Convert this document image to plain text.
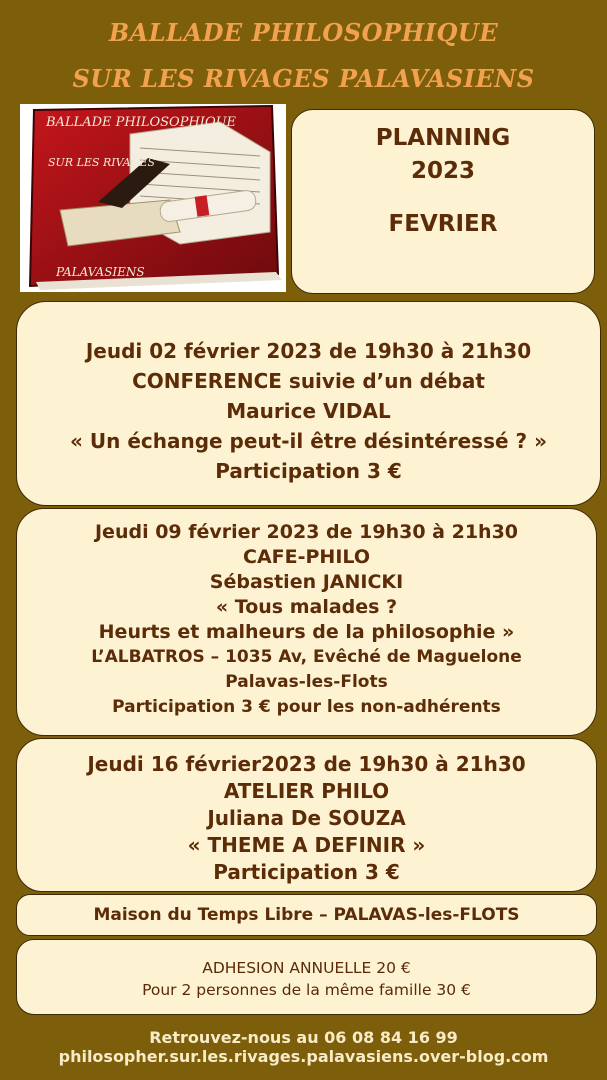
BALLADE PHILOSOPHIQUE
SUR LES RIVAGES PALAVASIENS
BALLADE PHILOSOPHIQUE
SUR LES RIVAGES
PALAVASIENS
PLANNING
2023
FEVRIER
Jeudi 02 février 2023 de 19h30 à 21h30
CONFERENCE suivie d’un débat
Maurice VIDAL
« Un échange peut-il être désintéressé ? »
Participation 3 €
Jeudi 09 février 2023 de 19h30 à 21h30
CAFE-PHILO
Sébastien JANICKI
« Tous malades ?
Heurts et malheurs de la philosophie »
L’ALBATROS – 1035 Av, Evêché de Maguelone
Palavas-les-Flots
Participation 3 € pour les non-adhérents
Jeudi 16 février2023 de 19h30 à 21h30
ATELIER PHILO
Juliana De SOUZA
« THEME A DEFINIR »
Participation 3 €
Maison du Temps Libre – PALAVAS-les-FLOTS
ADHESION ANNUELLE 20 €
Pour 2 personnes de la même famille 30 €
Retrouvez-nous au 06 08 84 16 99
philosopher.sur.les.rivages.palavasiens.over-blog.com
